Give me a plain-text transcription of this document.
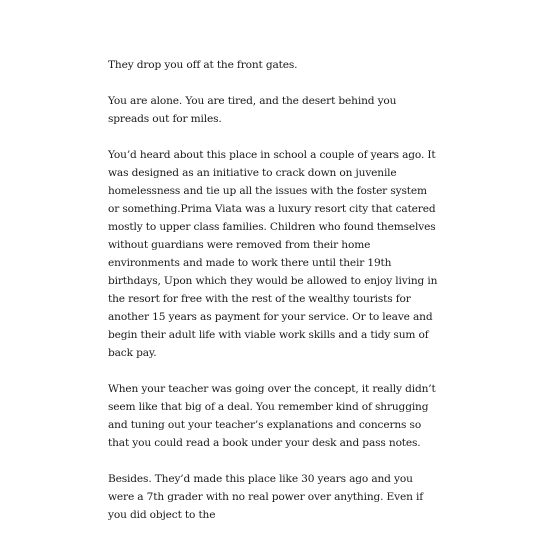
They drop you off at the front gates.

You are alone. You are tired, and the desert behind you spreads out for miles.

You’d heard about this place in school a couple of years ago. It was designed as an initiative to crack down on juvenile homelessness and tie up all the issues with the foster system or something.Prima Viata was a luxury resort city that catered mostly to upper class families. Children who found themselves without guardians were removed from their home environments and made to work there until their 19th birthdays, Upon which they would be allowed to enjoy living in the resort for free with the rest of the wealthy tourists for another 15 years as payment for your service. Or to leave and begin their adult life with viable work skills and a tidy sum of back pay.

When your teacher was going over the concept, it really didn’t seem like that big of a deal. You remember kind of shrugging and tuning out your teacher’s explanations and concerns so that you could read a book under your desk and pass notes.

Besides. They’d made this place like 30 years ago and you were a 7th grader with no real power over anything. Even if you did object to the
